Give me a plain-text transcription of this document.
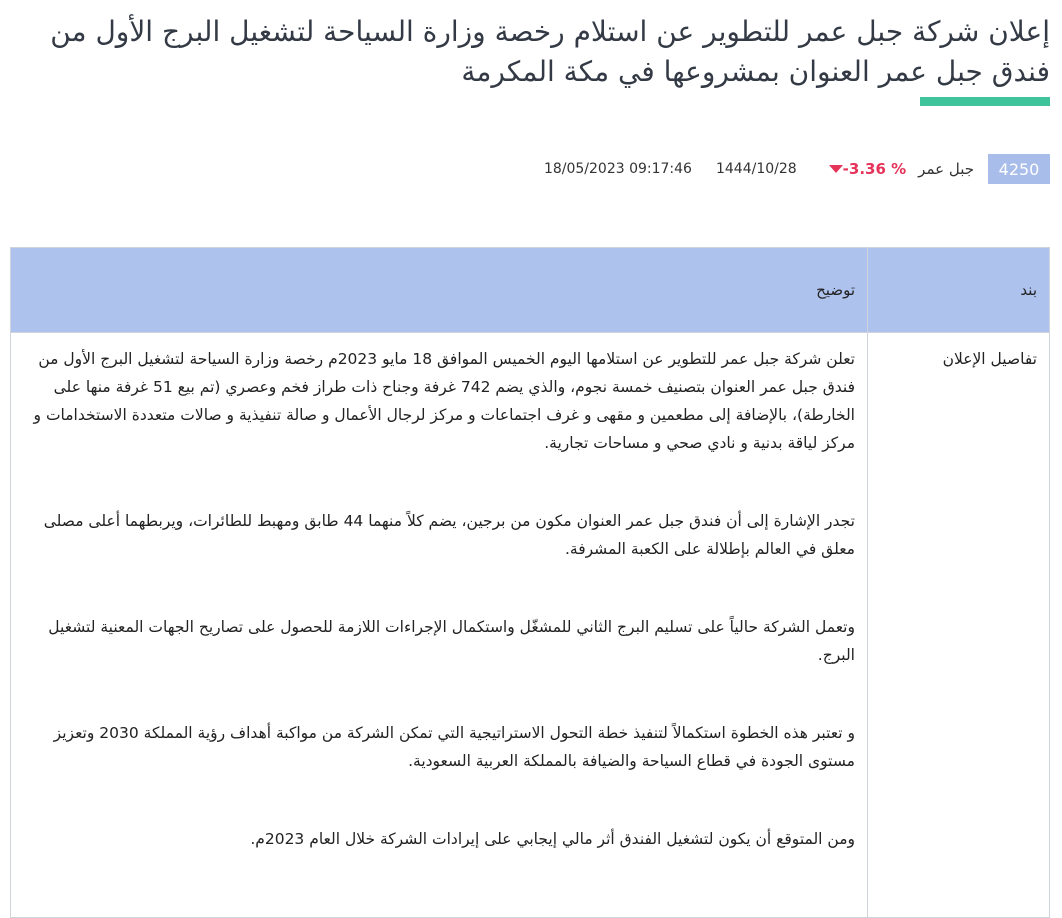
إعلان شركة جبل عمر للتطوير عن استلام رخصة وزارة السياحة لتشغيل البرج الأول من فندق جبل عمر العنوان بمشروعها في مكة المكرمة
4250
جبل عمر
-3.36 %
1444/10/28
18/05/2023 09:17:46
بند	توضيح
تفاصيل الإعلان	تعلن شركة جبل عمر للتطوير عن استلامها اليوم الخميس الموافق 18 مايو 2023م رخصة وزارة السياحة لتشغيل البرج الأول من فندق جبل عمر العنوان بتصنيف خمسة نجوم، والذي يضم 742 غرفة وجناح ذات طراز فخم وعصري (تم بيع 51 غرفة منها على الخارطة)، بالإضافة إلى مطعمين و مقهى و غرف اجتماعات و مركز لرجال الأعمال و صالة تنفيذية و صالات متعددة الاستخدامات و مركز لياقة بدنية و نادي صحي و مساحات تجارية.

تجدر الإشارة إلى أن فندق جبل عمر العنوان مكون من برجين، يضم كلاً منهما 44 طابق ومهبط للطائرات، ويربطهما أعلى مصلى معلق في العالم بإطلالة على الكعبة المشرفة.

وتعمل الشركة حالياً على تسليم البرج الثاني للمشغّل واستكمال الإجراءات اللازمة للحصول على تصاريح الجهات المعنية لتشغيل البرج.

و تعتبر هذه الخطوة استكمالاً لتنفيذ خطة التحول الاستراتيجية التي تمكن الشركة من مواكبة أهداف رؤية المملكة 2030 وتعزيز مستوى الجودة في قطاع السياحة والضيافة بالمملكة العربية السعودية.

ومن المتوقع أن يكون لتشغيل الفندق أثر مالي إيجابي على إيرادات الشركة خلال العام 2023م.
